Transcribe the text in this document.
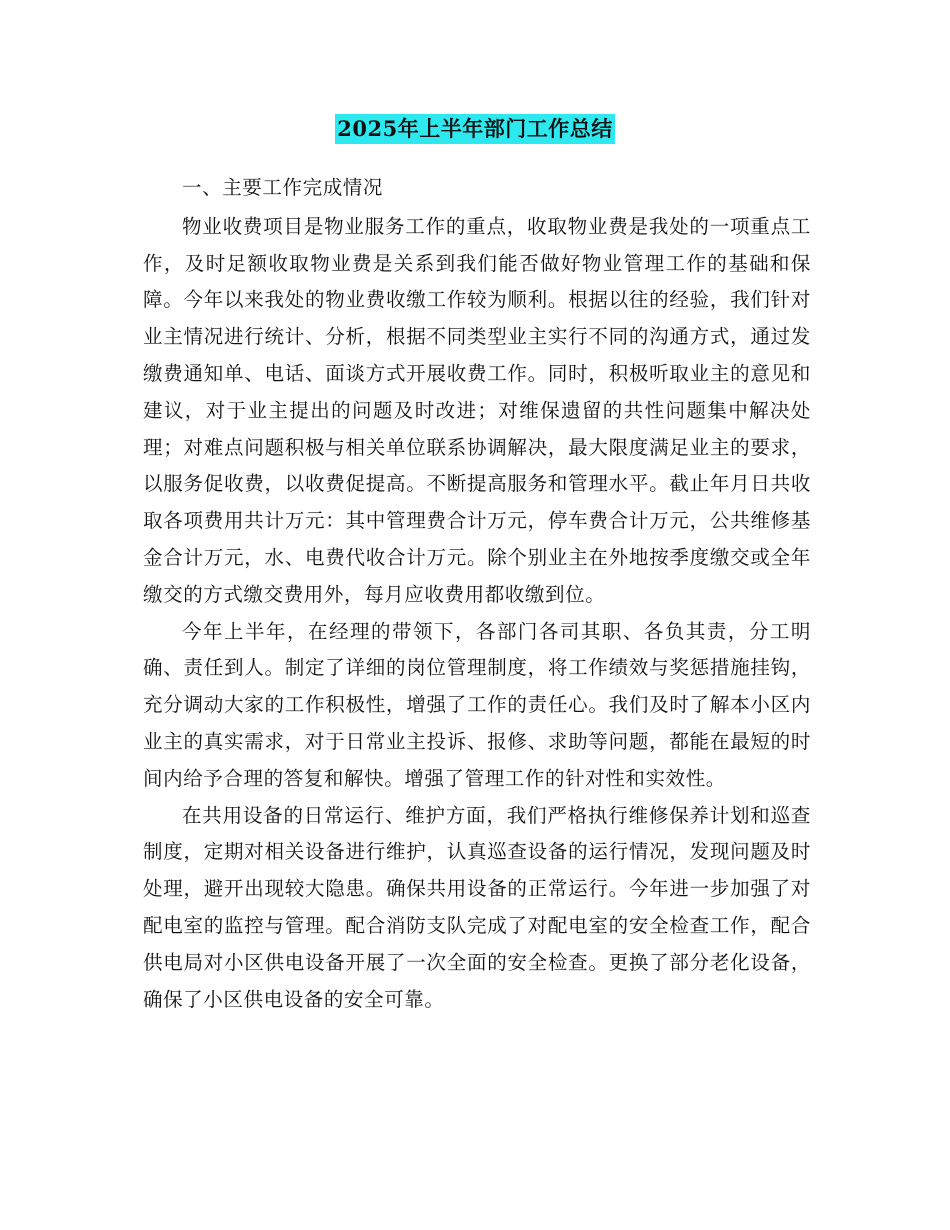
2025年上半年部门工作总结

一、主要工作完成情况

物业收费项目是物业服务工作的重点，收取物业费是我处的一项重点工作，及时足额收取物业费是关系到我们能否做好物业管理工作的基础和保障。今年以来我处的物业费收缴工作较为顺利。根据以往的经验，我们针对业主情况进行统计、分析，根据不同类型业主实行不同的沟通方式，通过发缴费通知单、电话、面谈方式开展收费工作。同时，积极听取业主的意见和建议，对于业主提出的问题及时改进；对维保遗留的共性问题集中解决处理；对难点问题积极与相关单位联系协调解决，最大限度满足业主的要求，以服务促收费，以收费促提高。不断提高服务和管理水平。截止年月日共收取各项费用共计万元：其中管理费合计万元，停车费合计万元，公共维修基金合计万元，水、电费代收合计万元。除个别业主在外地按季度缴交或全年缴交的方式缴交费用外，每月应收费用都收缴到位。

今年上半年，在经理的带领下，各部门各司其职、各负其责，分工明确、责任到人。制定了详细的岗位管理制度，将工作绩效与奖惩措施挂钩，充分调动大家的工作积极性，增强了工作的责任心。我们及时了解本小区内业主的真实需求，对于日常业主投诉、报修、求助等问题，都能在最短的时间内给予合理的答复和解快。增强了管理工作的针对性和实效性。

在共用设备的日常运行、维护方面，我们严格执行维修保养计划和巡查制度，定期对相关设备进行维护，认真巡查设备的运行情况，发现问题及时处理，避开出现较大隐患。确保共用设备的正常运行。今年进一步加强了对配电室的监控与管理。配合消防支队完成了对配电室的安全检查工作，配合供电局对小区供电设备开展了一次全面的安全检查。更换了部分老化设备，确保了小区供电设备的安全可靠。
